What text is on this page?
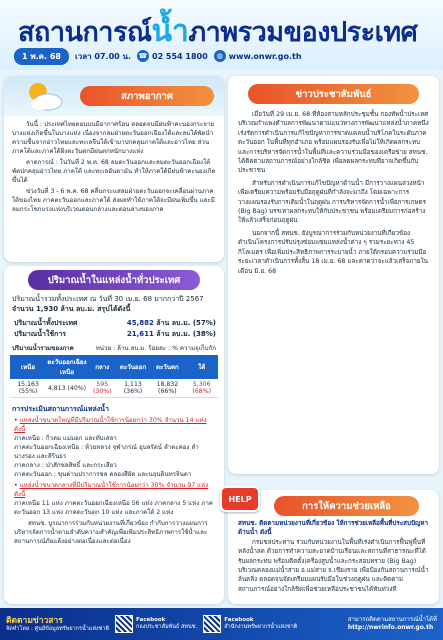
สถานการณ์น้ำภาพรวมของประเทศ
1 พ.ค. 68	เวลา 07.00 น. ☎ 02 554 1800	◍ www.onwr.go.th
สภาพอากาศ

วันนี้ : ประเทศไทยตอนบนมีอากาศร้อน ตลอดจนมีฝนฟ้าคะนองกระจายบางแห่งเกิดขึ้นในบางแห่ง เนื่องจากลมฝ่ายตะวันออกเฉียงใต้และลมใต้พัดนำความชื้นจากอ่าวไทยและทะเลจีนใต้เข้ามาปกคลุมภาคใต้และอ่าวไทย ส่วนภาคใต้และภาคใต้ฝั่งตะวันตกมีฝนตกหนักบางแห่ง

คาดการณ์ : ในวันที่ 2 พ.ค. 68 ลมตะวันออกและลมตะวันออกเฉียงใต้พัดปกคลุมอ่าวไทย ภาคใต้ และทะเลอันดามัน ทำให้ภาคใต้มีฝนฟ้าคะนองเกิดขึ้นได้

ช่วงวันที่ 3 - 6 พ.ค. 68 คลื่นกระแสลมฝ่ายตะวันออกจะเคลื่อนผ่านภาคใต้ของไทย ภาคตะวันออกและภาคใต้ ส่งผลทำให้ภาคใต้จะมีฝนเพิ่มขึ้น และมีลมกระโชกแรงแห่งบริเวณตอนกลางและตอนล่างของภาค

ปริมาณน้ำในแหล่งน้ำทั่วประเทศ
ปริมาณน้ำรวมทั้งประเทศ ณ วันที่ 30 เม.ย. 68 มากกว่าปี 2567
จำนวน 1,930 ล้าน ลบ.ม. สรุปได้ดังนี้
ปริมาณน้ำทั้งประเทศ	45,882 ล้าน ลบ.ม. (57%)
ปริมาณน้ำใช้การ	21,611 ล้าน ลบ.ม. (38%)
ปริมาณน้ำรวมของภาค	หน่วย : ล้าน ลบ.ม. ร้อยละ : % ความจุเก็บกัก
เหนือ	ตะวันออกเฉียงเหนือ	กลาง	ตะวันออก	ตะวันตก	ใต้
15,163 (55%)	4,813 (40%)	595 (30%)	1,113 (36%)	18,832 (66%)	5,306 (68%)
การประเมินสถานการณ์แหล่งน้ำ
• แหล่งน้ำขนาดใหญ่ที่มีปริมาณน้ำใช้การน้อยกว่า 30% จำนวน 14 แห่ง ดังนี้
ภาคเหนือ : กิ่วลม แม่มอก และทับเสลา
ภาคตะวันออกเฉียงเหนือ : ห้วยหลวง จุฬาภรณ์ อุบลรัตน์ ลำตะคอง ลำนางรอง และสิรินธร
ภาคกลาง : ป่าสักชลสิทธิ์ และกระเสียว
ภาคตะวันออก : ขุนด่านปราการชล คลองสียัด และนฤบดินทรจินดา
• แหล่งน้ำขนาดกลางที่มีปริมาณน้ำใช้การน้อยกว่า 30% จำนวน 97 แห่ง ดังนี้
ภาคเหนือ 11 แห่ง ภาคตะวันออกเฉียงเหนือ 56 แห่ง ภาคกลาง 5 แห่ง ภาคตะวันออก 13 แห่ง ภาคตะวันตก 10 แห่ง และภาคใต้ 2 แห่ง
สทนช. บูรณาการร่วมกับหน่วยงานที่เกี่ยวข้อง กำกับการวางแผนการบริหารจัดการน้ำตามลำดับความสำคัญเพื่อเพิ่มประสิทธิภาพการใช้น้ำและสถานการณ์ภัยแล้งอย่างต่อเนื่องและต่อเนื่อง
ข่าวประชาสัมพันธ์

เมื่อวันที่ 29 เม.ย. 68 ที่ห้องสามหลักประชุมชั้น กองทัพน้ำประเทศ บริเวณกำแพงตำบลการพัฒนาตามแนวทางการพัฒนาแหล่งน้ำภาคหนึ่ง เร่งรัดการดำเนินการแก้ไขปัญหาการขาดแคลนน้ำบริโภคในระดับภาคตะวันออก ในพื้นที่ทุกอำเภอ พร้อมแผนรองรับเพื่อไม่ให้เกิดผลกระทบและการบริหารจัดการน้ำในพื้นที่และความร่วมมือของเครือข่าย สทนช. ได้ติดตามสถานการณ์อย่างใกล้ชิด เพื่อลดผลกระทบที่อาจเกิดขึ้นกับประชาชน

สำหรับการดำเนินการแก้ไขปัญหาด้านน้ำ มีการวางแผนล่วงหน้า เพื่อเตรียมความพร้อมรับมือฤดูฝนที่กำลังจะมาถึง โดยเฉพาะการวางแผนรองรับการเติมน้ำในฤดูฝน การบริหารจัดการน้ำเพื่อการเกษตร (Big Bag) บรรเทาผลกระทบให้กับประชาชน พร้อมเตรียมการก่อสร้างให้แล้วเสร็จก่อนฤดูฝน

นอกจากนี้ สทนช. ยังบูรณาการร่วมกับหน่วยงานที่เกี่ยวข้อง ดำเนินโครงการปรับปรุงซ่อมแซมแหล่งน้ำต่าง ๆ รวมระยะทาง 45 กิโลเมตร เพื่อเพิ่มประสิทธิภาพการระบายน้ำ ภายใต้กรอบความร่วมมือ ระยะเวลาดำเนินการทั้งสิ้น 18 เม.ย. 68 และคาดว่าจะแล้วเสร็จภายในเดือน มิ.ย. 68

การให้ความช่วยเหลือ
สทนช. ติดตามหน่วยงานที่เกี่ยวข้อง ให้การช่วยเหลือพื้นที่ประสบปัญหาด้านน้ำ ดังนี้

กรมชลประทาน ร่วมกับหน่วยงานในพื้นที่เร่งดำเนินการฟื้นฟูพื้นที่หลังน้ำลด ด้วยการทำความสะอาดบ้านเรือนและสถานที่สาธารณะที่ได้รับผลกระทบ พร้อมติดตั้งเครื่องสูบน้ำและกระสอบทราย (Big Bag) บริเวณคลองแม่น้ำสาย อ.แม่สาย จ.เชียงราย เพื่อป้องกันสถานการณ์น้ำล้นตลิ่ง ตลอดจนจัดเตรียมแผนรับมือในช่วงฤดูฝน และติดตามสถานการณ์อย่างใกล้ชิดเพื่อช่วยเหลือประชาชนได้ทันท่วงที

HELP
ติดตามข่าวสาร
จัดทำโดย : ศูนย์ข้อมูลทรัพยากรน้ำแห่งชาติ
Facebook
กองประชาสัมพันธ์ สทนช.
Facebook
สำนักงานทรัพยากรน้ำแห่งชาติ
สามารถติดตามสถานการณ์น้ำได้ที่
http://nwrinfo.onwr.go.th
